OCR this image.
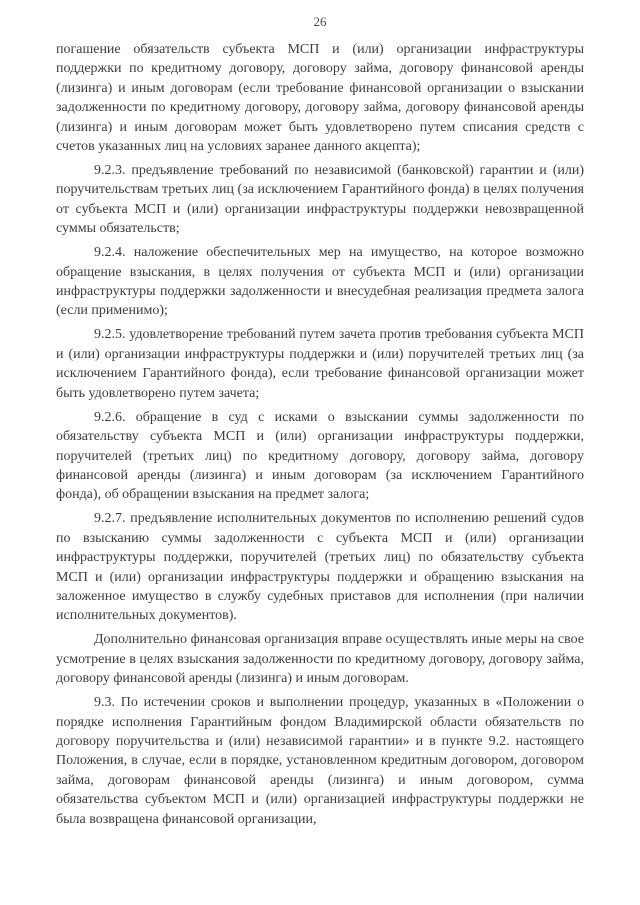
26

погашение обязательств субъекта МСП и (или) организации инфраструктуры поддержки по кредитному договору, договору займа, договору финансовой аренды (лизинга) и иным договорам (если требование финансовой организации о взыскании задолженности по кредитному договору, договору займа, договору финансовой аренды (лизинга) и иным договорам может быть удовлетворено путем списания средств с счетов указанных лиц на условиях заранее данного акцепта);

9.2.3. предъявление требований по независимой (банковской) гарантии и (или) поручительствам третьих лиц (за исключением Гарантийного фонда) в целях получения от субъекта МСП и (или) организации инфраструктуры поддержки невозвращенной суммы обязательств;

9.2.4. наложение обеспечительных мер на имущество, на которое возможно обращение взыскания, в целях получения от субъекта МСП и (или) организации инфраструктуры поддержки задолженности и внесудебная реализация предмета залога (если применимо);

9.2.5. удовлетворение требований путем зачета против требования субъекта МСП и (или) организации инфраструктуры поддержки и (или) поручителей третьих лиц (за исключением Гарантийного фонда), если требование финансовой организации может быть удовлетворено путем зачета;

9.2.6. обращение в суд с исками о взыскании суммы задолженности по обязательству субъекта МСП и (или) организации инфраструктуры поддержки, поручителей (третьих лиц) по кредитному договору, договору займа, договору финансовой аренды (лизинга) и иным договорам (за исключением Гарантийного фонда), об обращении взыскания на предмет залога;

9.2.7. предъявление исполнительных документов по исполнению решений судов по взысканию суммы задолженности с субъекта МСП и (или) организации инфраструктуры поддержки, поручителей (третьих лиц) по обязательству субъекта МСП и (или) организации инфраструктуры поддержки и обращению взыскания на заложенное имущество в службу судебных приставов для исполнения (при наличии исполнительных документов).

Дополнительно финансовая организация вправе осуществлять иные меры на свое усмотрение в целях взыскания задолженности по кредитному договору, договору займа, договору финансовой аренды (лизинга) и иным договорам.

9.3. По истечении сроков и выполнении процедур, указанных в «Положении о порядке исполнения Гарантийным фондом Владимирской области обязательств по договору поручительства и (или) независимой гарантии» и в пункте 9.2. настоящего Положения, в случае, если в порядке, установленном кредитным договором, договором займа, договорам финансовой аренды (лизинга) и иным договором, сумма обязательства субъектом МСП и (или) организацией инфраструктуры поддержки не была возвращена финансовой организации,
